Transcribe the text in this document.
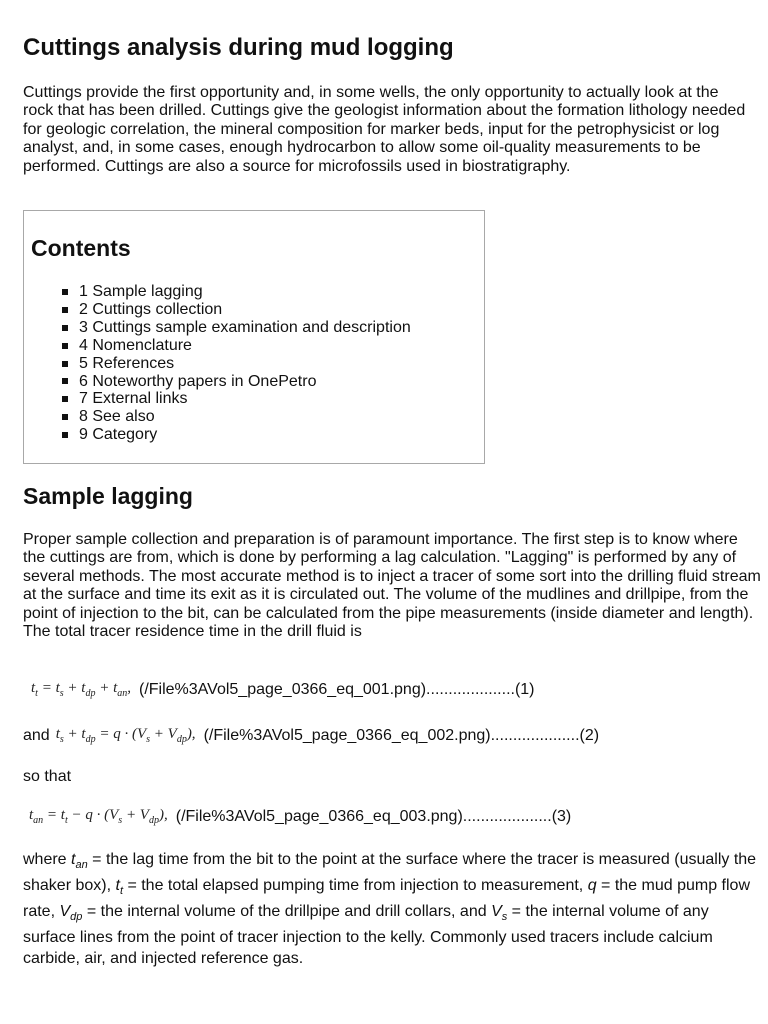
Cuttings analysis during mud logging

Cuttings provide the first opportunity and, in some wells, the only opportunity to actually look at the rock that has been drilled. Cuttings give the geologist information about the formation lithology needed for geologic correlation, the mineral composition for marker beds, input for the petrophysicist or log analyst, and, in some cases, enough hydrocarbon to allow some oil-quality measurements to be performed. Cuttings are also a source for microfossils used in biostratigraphy.

Contents
1 Sample lagging
2 Cuttings collection
3 Cuttings sample examination and description
4 Nomenclature
5 References
6 Noteworthy papers in OnePetro
7 External links
8 See also
9 Category
Sample lagging

Proper sample collection and preparation is of paramount importance. The first step is to know where the cuttings are from, which is done by performing a lag calculation. "Lagging" is performed by any of several methods. The most accurate method is to inject a tracer of some sort into the drilling fluid stream at the surface and time its exit as it is circulated out. The volume of the mudlines and drillpipe, from the point of injection to the bit, can be calculated from the pipe measurements (inside diameter and length). The total tracer residence time in the drill fluid is

$t_t = t_s + t_{dp} + t_{an}$, (/File%3AVol5_page_0366_eq_001.png)....................(1)
and $t_s + t_{dp} = q \cdot (V_s + V_{dp})$, (/File%3AVol5_page_0366_eq_002.png)....................(2)
so that
$t_{an} = t_t - q \cdot (V_s + V_{dp})$, (/File%3AVol5_page_0366_eq_003.png)....................(3)

where $t_{an}$ = the lag time from the bit to the point at the surface where the tracer is measured (usually the shaker box), $t_t$ = the total elapsed pumping time from injection to measurement, q = the mud pump flow rate, $V_{dp}$ = the internal volume of the drillpipe and drill collars, and $V_s$ = the internal volume of any surface lines from the point of tracer injection to the kelly. Commonly used tracers include calcium carbide, air, and injected reference gas.
